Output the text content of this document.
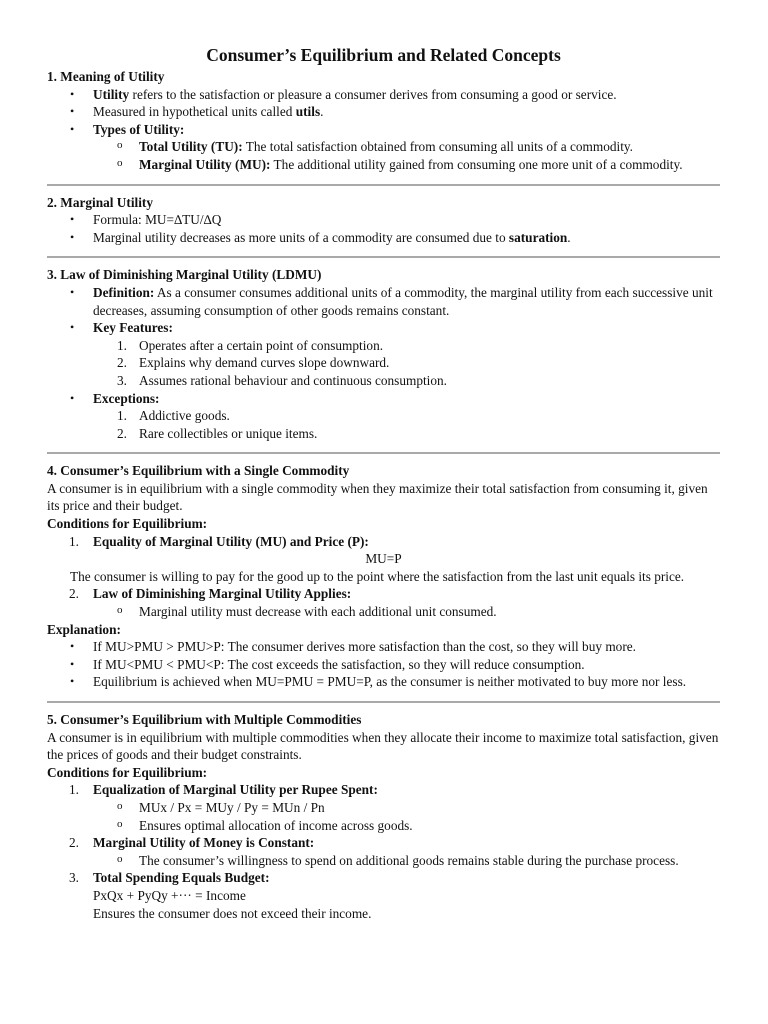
Consumer’s Equilibrium and Related Concepts

1. Meaning of Utility

• Utility refers to the satisfaction or pleasure a consumer derives from consuming a good or service.
• Measured in hypothetical units called utils.
• Types of Utility:
o Total Utility (TU): The total satisfaction obtained from consuming all units of a commodity.
o Marginal Utility (MU): The additional utility gained from consuming one more unit of a commodity.

2. Marginal Utility

• Formula: MU=∆TU/∆Q
• Marginal utility decreases as more units of a commodity are consumed due to saturation.

3. Law of Diminishing Marginal Utility (LDMU)

• Definition: As a consumer consumes additional units of a commodity, the marginal utility from each successive unit decreases, assuming consumption of other goods remains constant.
• Key Features:
1. Operates after a certain point of consumption.
2. Explains why demand curves slope downward.
3. Assumes rational behaviour and continuous consumption.
• Exceptions:
1. Addictive goods.
2. Rare collectibles or unique items.

4. Consumer’s Equilibrium with a Single Commodity

A consumer is in equilibrium with a single commodity when they maximize their total satisfaction from consuming it, given its price and their budget.

Conditions for Equilibrium:

1. Equality of Marginal Utility (MU) and Price (P):

MU=P

The consumer is willing to pay for the good up to the point where the satisfaction from the last unit equals its price.

2. Law of Diminishing Marginal Utility Applies:
o Marginal utility must decrease with each additional unit consumed.

Explanation:

• If MU>PMU > PMU>P: The consumer derives more satisfaction than the cost, so they will buy more.
• If MU<PMU < PMU<P: The cost exceeds the satisfaction, so they will reduce consumption.
• Equilibrium is achieved when MU=PMU = PMU=P, as the consumer is neither motivated to buy more nor less.

5. Consumer’s Equilibrium with Multiple Commodities

A consumer is in equilibrium with multiple commodities when they allocate their income to maximize total satisfaction, given the prices of goods and their budget constraints.

Conditions for Equilibrium:

1. Equalization of Marginal Utility per Rupee Spent:
o MUx / Px = MUy / Py = MUn / Pn
o Ensures optimal allocation of income across goods.
2. Marginal Utility of Money is Constant:
o The consumer’s willingness to spend on additional goods remains stable during the purchase process.
3. Total Spending Equals Budget:

PxQx + PyQy +··· = Income

Ensures the consumer does not exceed their income.
